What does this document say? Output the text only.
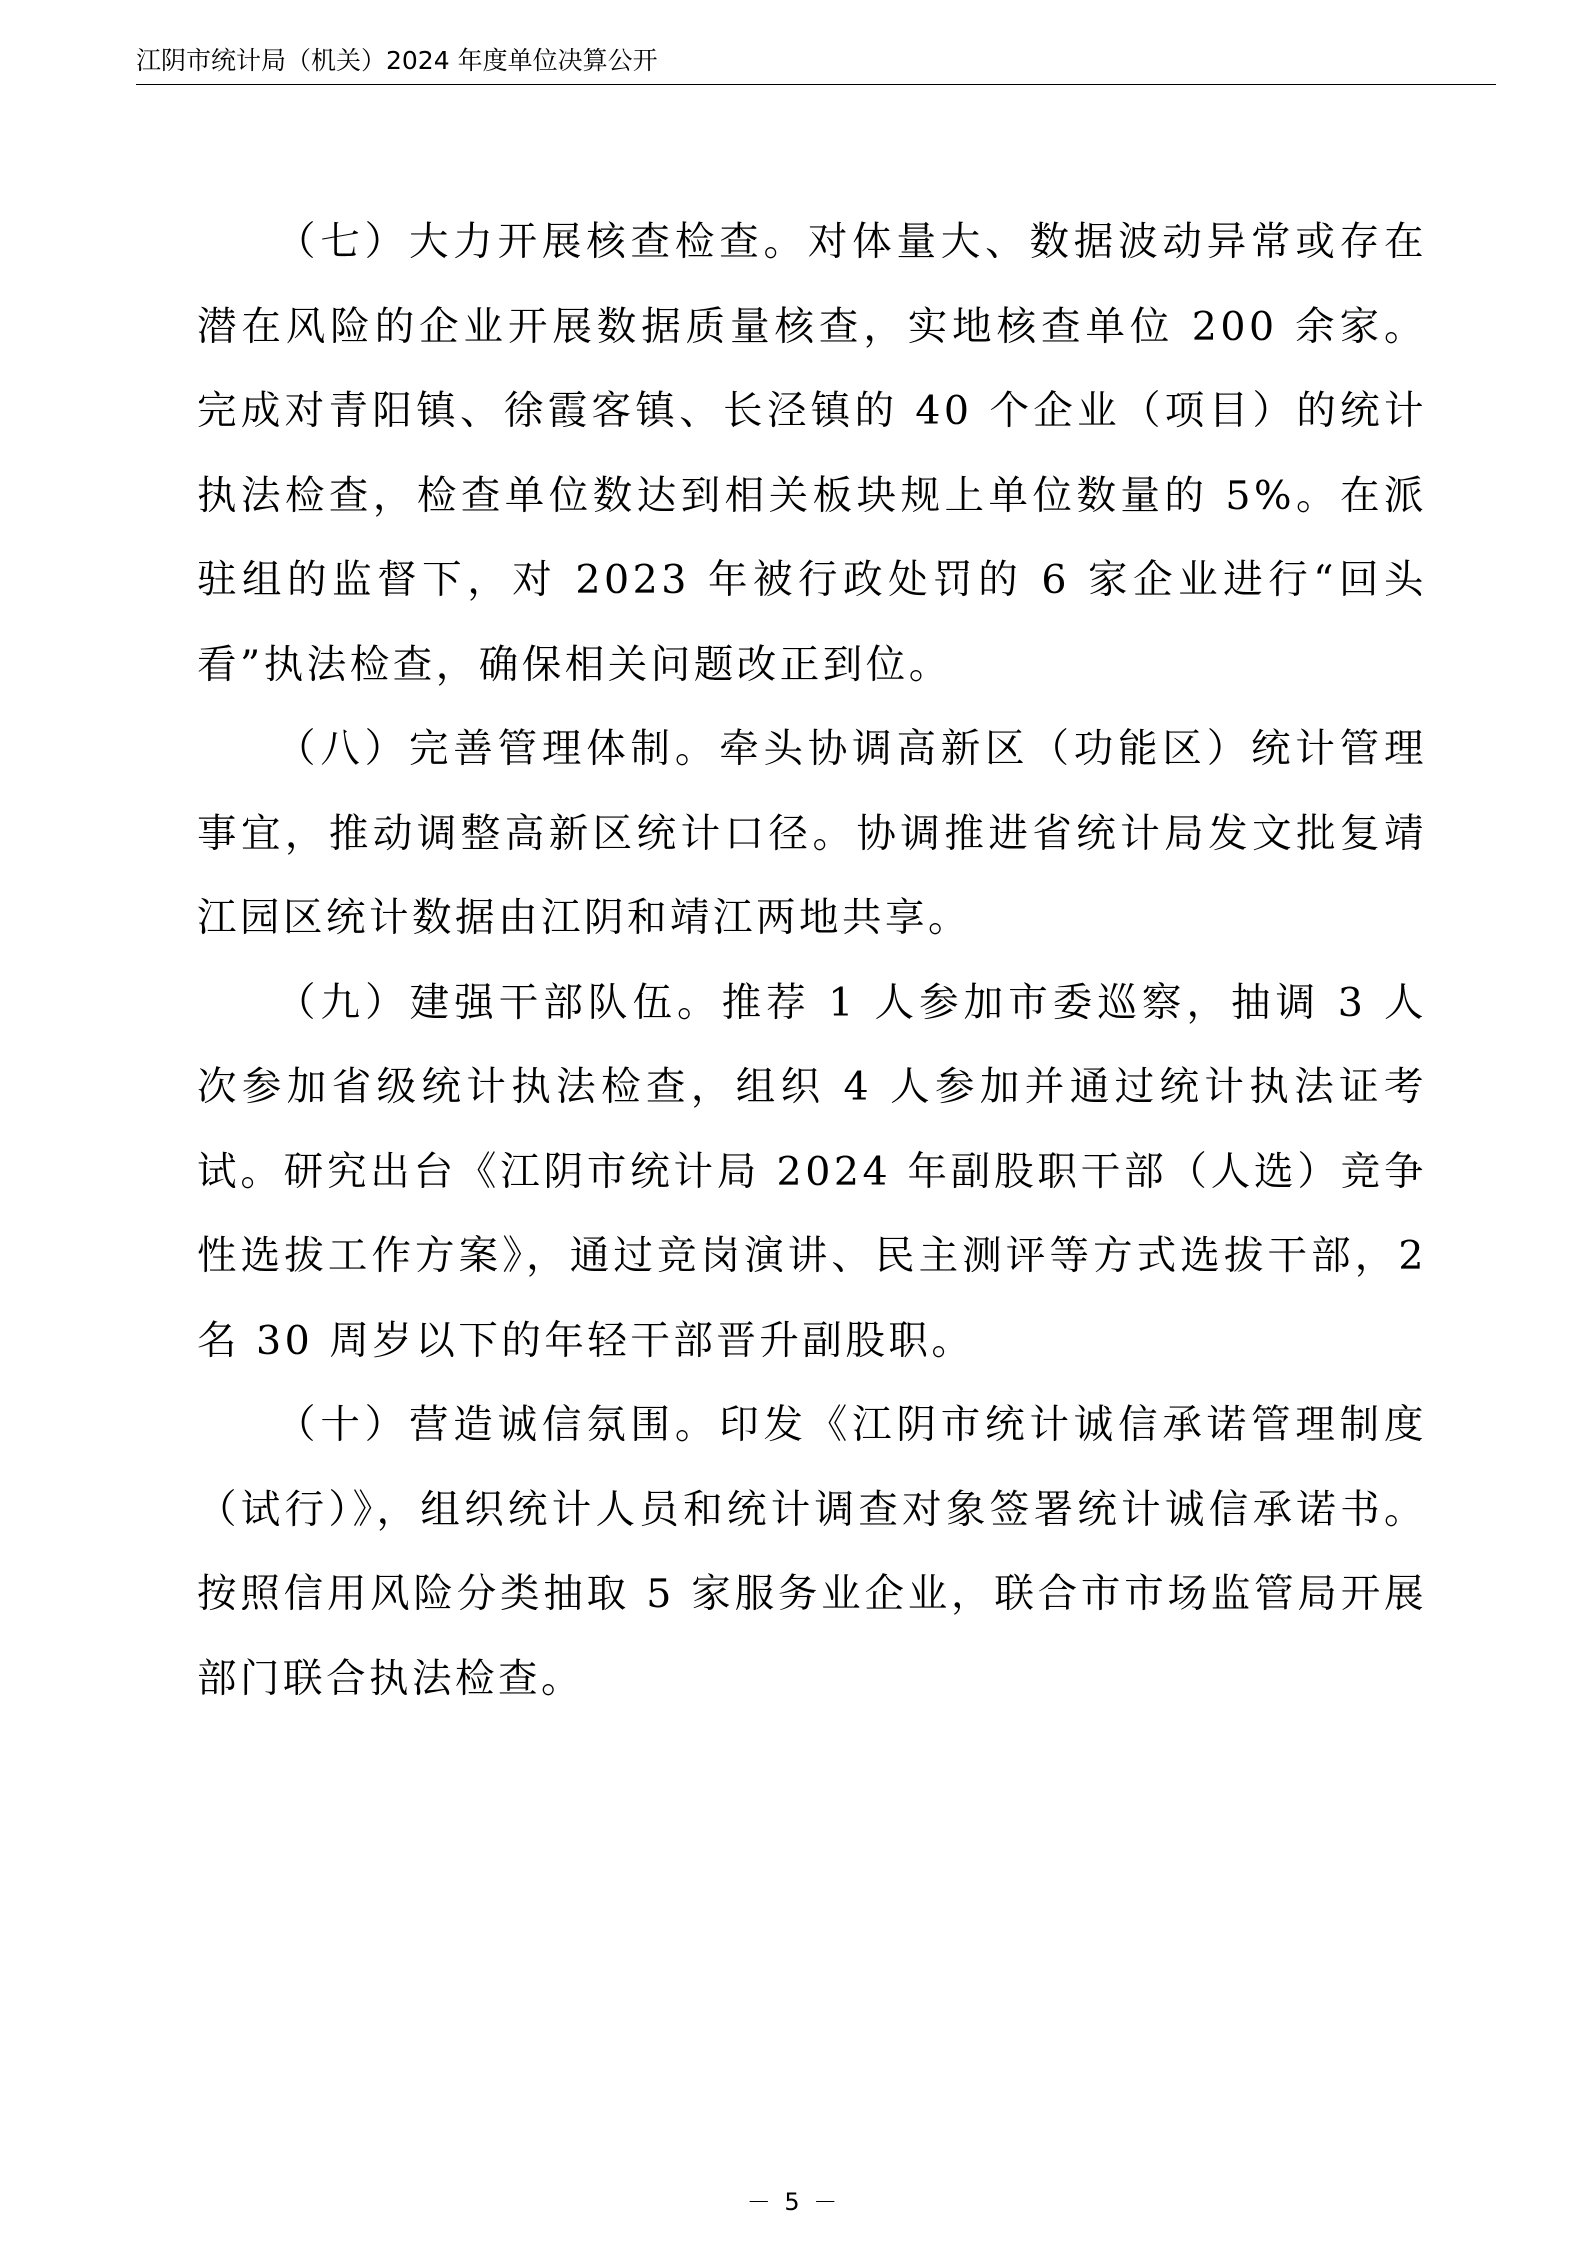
江阴市统计局（机关）2024 年度单位决算公开

（七）大力开展核查检查。对体量大、数据波动异常或存在潜在风险的企业开展数据质量核查，实地核查单位 200 余家。完成对青阳镇、徐霞客镇、长泾镇的 40 个企业（项目）的统计执法检查，检查单位数达到相关板块规上单位数量的 5%。在派驻组的监督下，对 2023 年被行政处罚的 6 家企业进行“回头看”执法检查，确保相关问题改正到位。

（八）完善管理体制。牵头协调高新区（功能区）统计管理事宜，推动调整高新区统计口径。协调推进省统计局发文批复靖江园区统计数据由江阴和靖江两地共享。

（九）建强干部队伍。推荐 1 人参加市委巡察，抽调 3 人次参加省级统计执法检查，组织 4 人参加并通过统计执法证考试。研究出台《江阴市统计局 2024 年副股职干部（人选）竞争性选拔工作方案》，通过竞岗演讲、民主测评等方式选拔干部，2 名 30 周岁以下的年轻干部晋升副股职。

（十）营造诚信氛围。印发《江阴市统计诚信承诺管理制度（试行）》，组织统计人员和统计调查对象签署统计诚信承诺书。按照信用风险分类抽取 5 家服务业企业，联合市市场监管局开展部门联合执法检查。

－ 5 －
